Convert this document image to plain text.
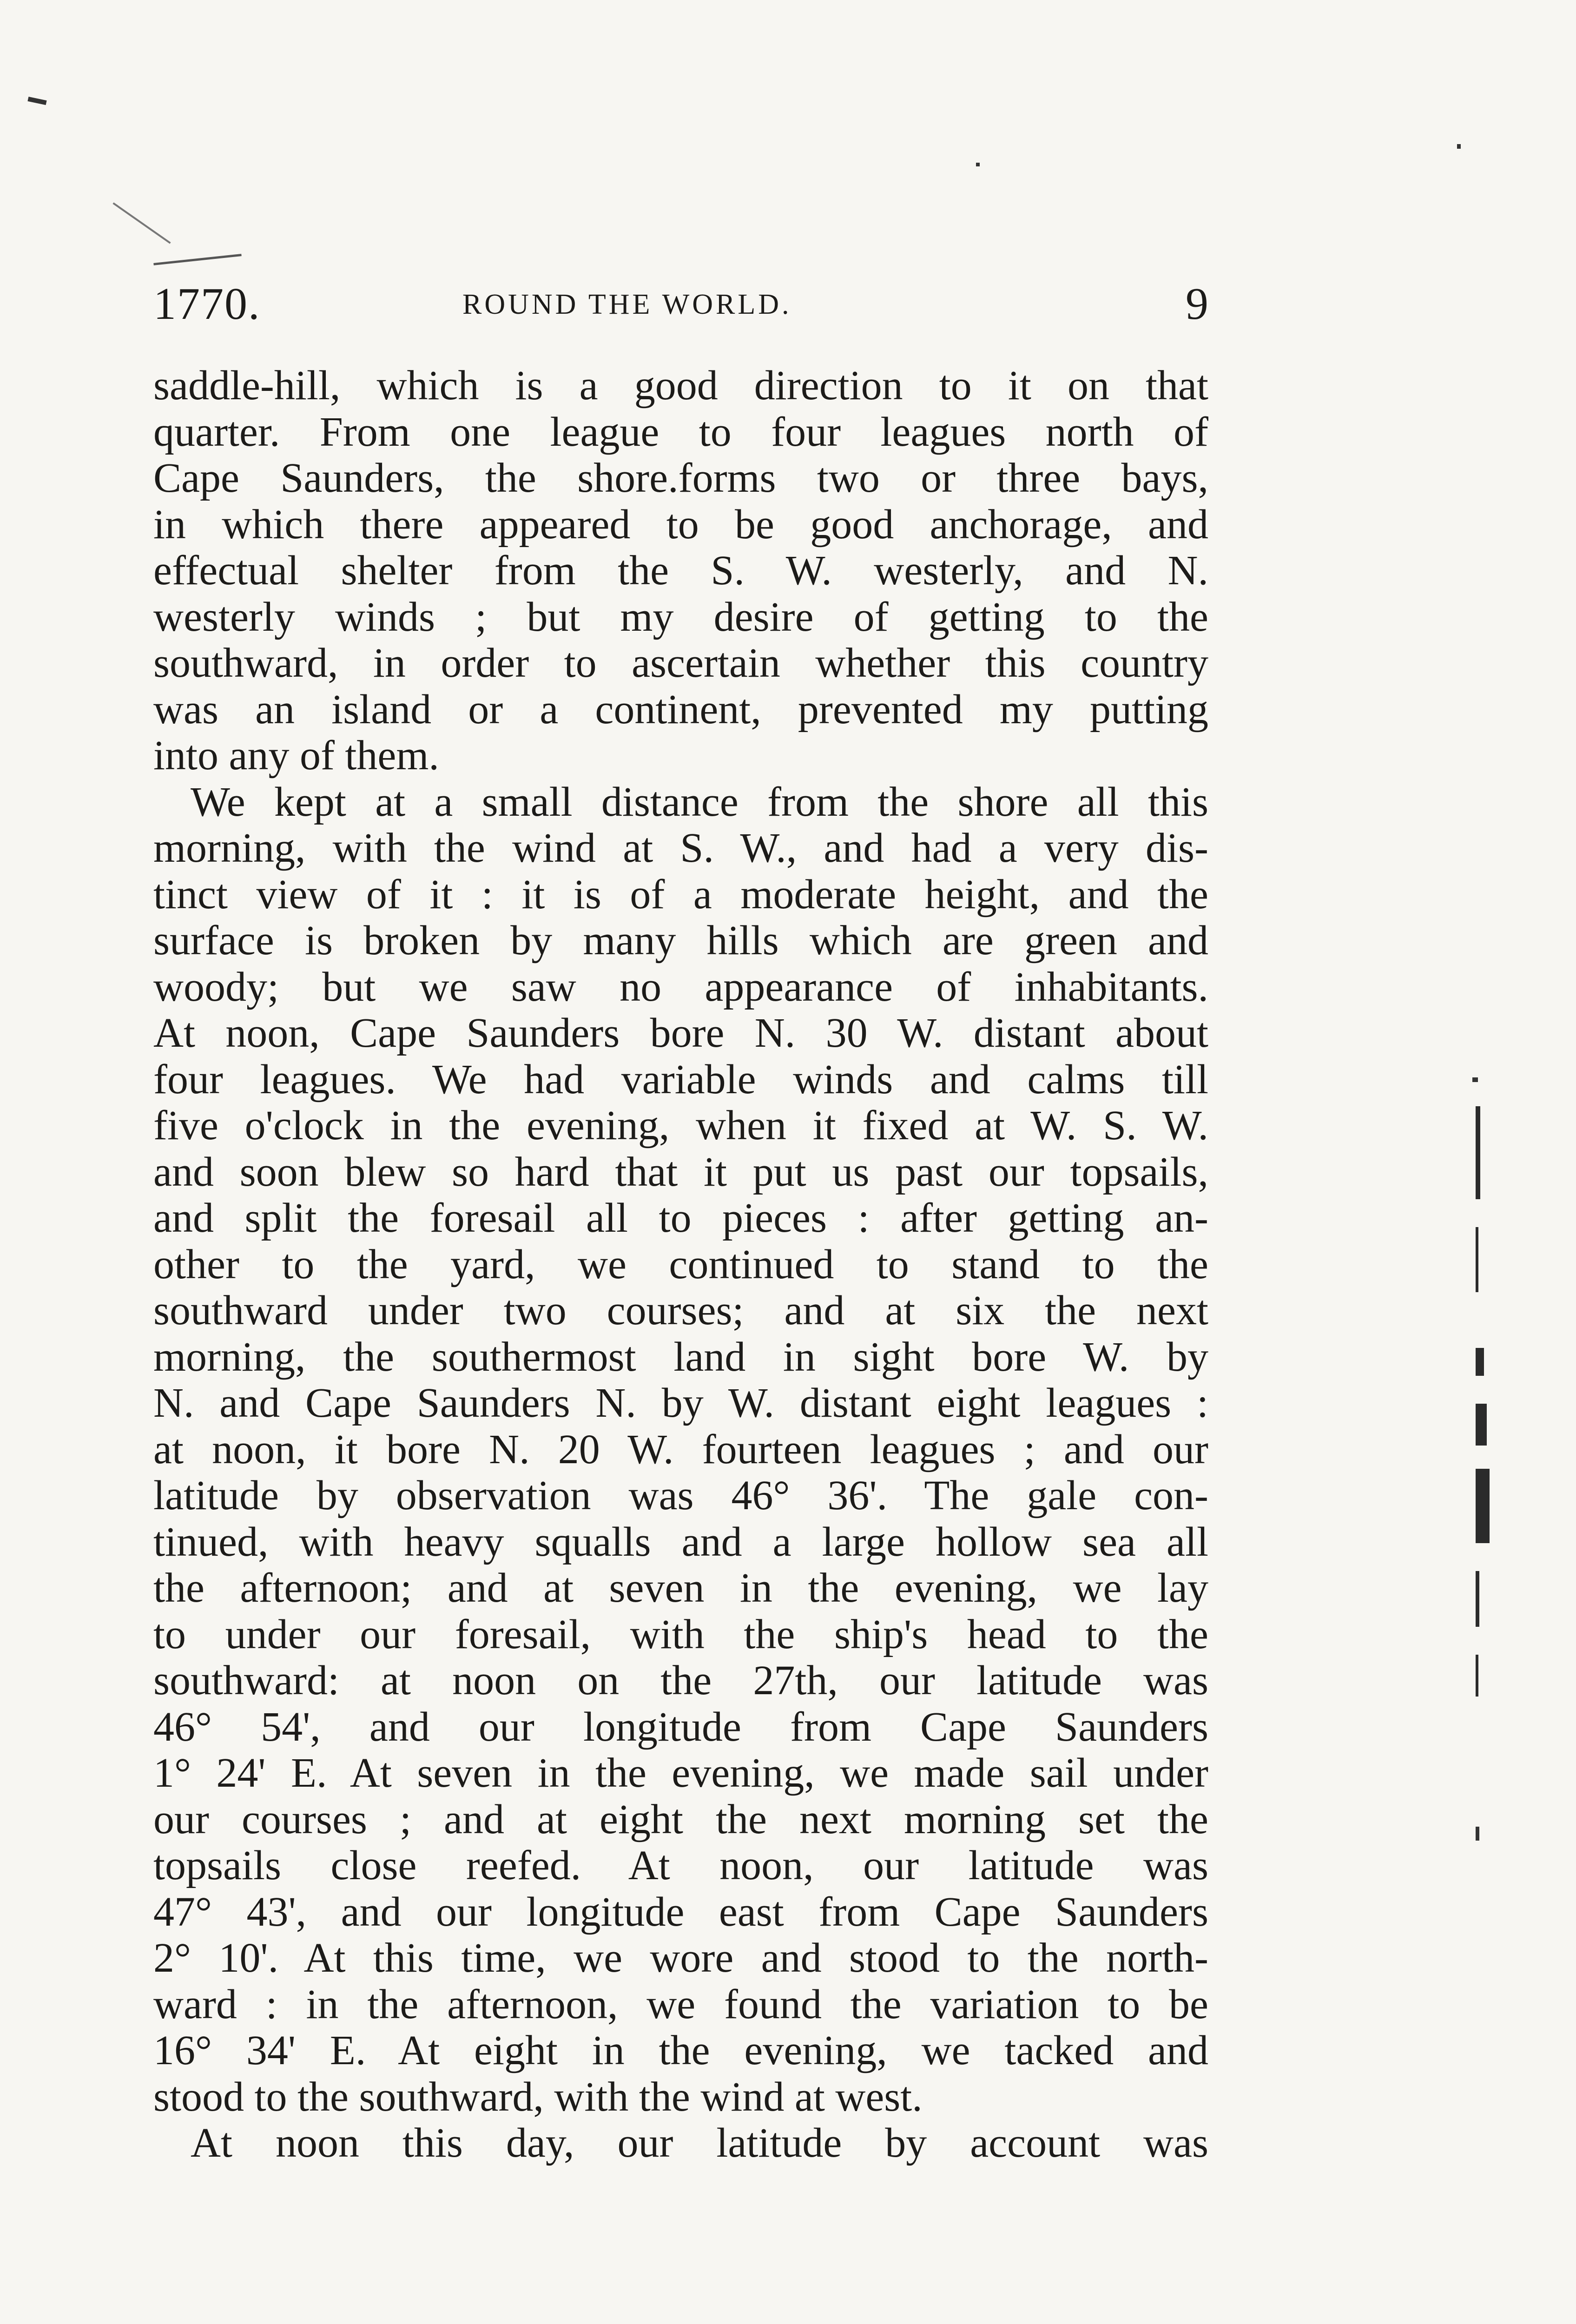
1770.	ROUND THE WORLD.	9
saddle-hill, which is a good direction to it on that
quarter. From one league to four leagues north of
Cape Saunders, the shore.forms two or three bays,
in which there appeared to be good anchorage, and
effectual shelter from the S. W. westerly, and N.
westerly winds ; but my desire of getting to the
southward, in order to ascertain whether this country
was an island or a continent, prevented my putting
into any of them.
We kept at a small distance from the shore all this
morning, with the wind at S. W., and had a very dis-
tinct view of it : it is of a moderate height, and the
surface is broken by many hills which are green and
woody; but we saw no appearance of inhabitants.
At noon, Cape Saunders bore N. 30 W. distant about
four leagues. We had variable winds and calms till
five o'clock in the evening, when it fixed at W. S. W.
and soon blew so hard that it put us past our topsails,
and split the foresail all to pieces : after getting an-
other to the yard, we continued to stand to the
southward under two courses; and at six the next
morning, the southermost land in sight bore W. by
N. and Cape Saunders N. by W. distant eight leagues :
at noon, it bore N. 20 W. fourteen leagues ; and our
latitude by observation was 46° 36'. The gale con-
tinued, with heavy squalls and a large hollow sea all
the afternoon; and at seven in the evening, we lay
to under our foresail, with the ship's head to the
southward: at noon on the 27th, our latitude was
46° 54', and our longitude from Cape Saunders
1° 24' E. At seven in the evening, we made sail under
our courses ; and at eight the next morning set the
topsails close reefed. At noon, our latitude was
47° 43', and our longitude east from Cape Saunders
2° 10'. At this time, we wore and stood to the north-
ward : in the afternoon, we found the variation to be
16° 34' E. At eight in the evening, we tacked and
stood to the southward, with the wind at west.
At noon this day, our latitude by account was
